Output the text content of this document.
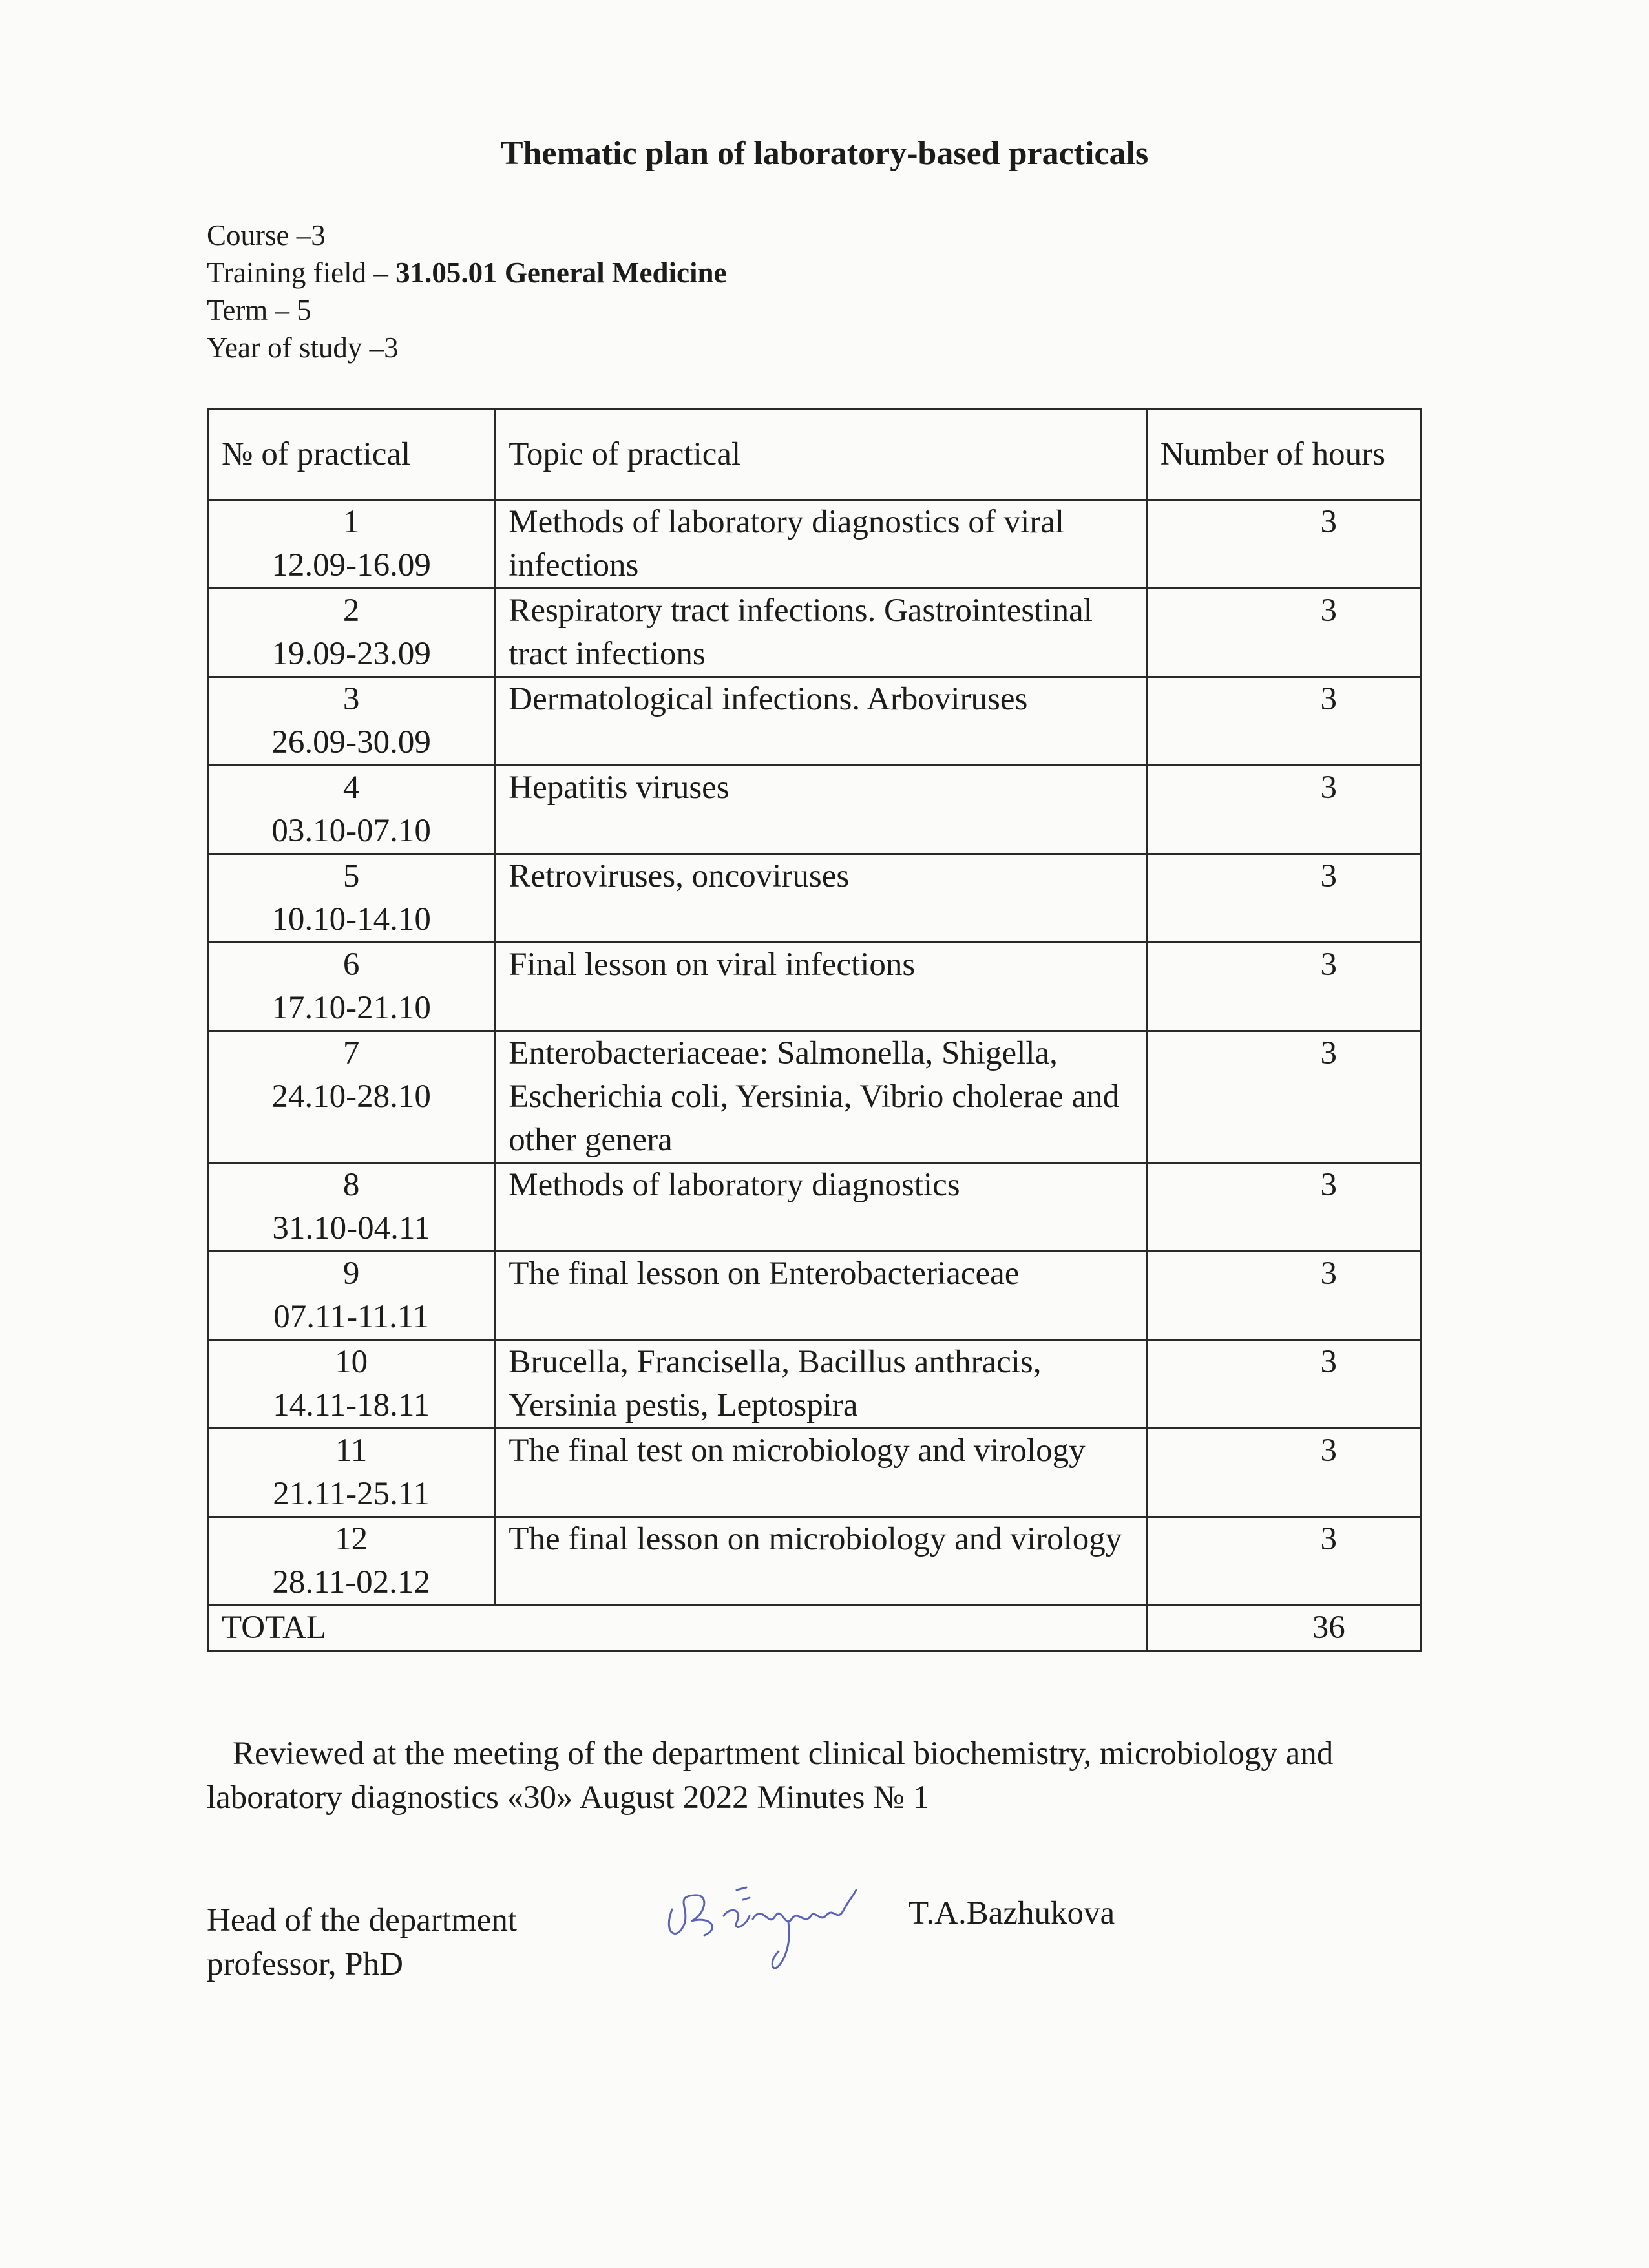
Thematic plan of laboratory-based practicals
Course –3
Training field – 31.05.01 General Medicine
Term – 5
Year of study –3
№ of practical	Topic of practical	Number of hours

1
12.09-16.09	Methods of laboratory diagnostics of viral infections	3

2
19.09-23.09	Respiratory tract infections. Gastrointestinal tract infections	3

3
26.09-30.09	Dermatological infections. Arboviruses	3

4
03.10-07.10	Hepatitis viruses	3

5
10.10-14.10	Retroviruses, oncoviruses	3

6
17.10-21.10	Final lesson on viral infections	3

7
24.10-28.10	Enterobacteriaceae: Salmonella, Shigella, Escherichia coli, Yersinia, Vibrio cholerae and other genera	3

8
31.10-04.11	Methods of laboratory diagnostics	3

9
07.11-11.11	The final lesson on Enterobacteriaceae	3

10
14.11-18.11	Brucella, Francisella, Bacillus anthracis, Yersinia pestis, Leptospira	3

11
21.11-25.11	The final test on microbiology and virology	3

12
28.11-02.12	The final lesson on microbiology and virology	3
TOTAL		36
Reviewed at the meeting of the department clinical biochemistry, microbiology and laboratory diagnostics «30» August 2022 Minutes № 1
Head of the department
professor, PhD
T.A.Bazhukova
